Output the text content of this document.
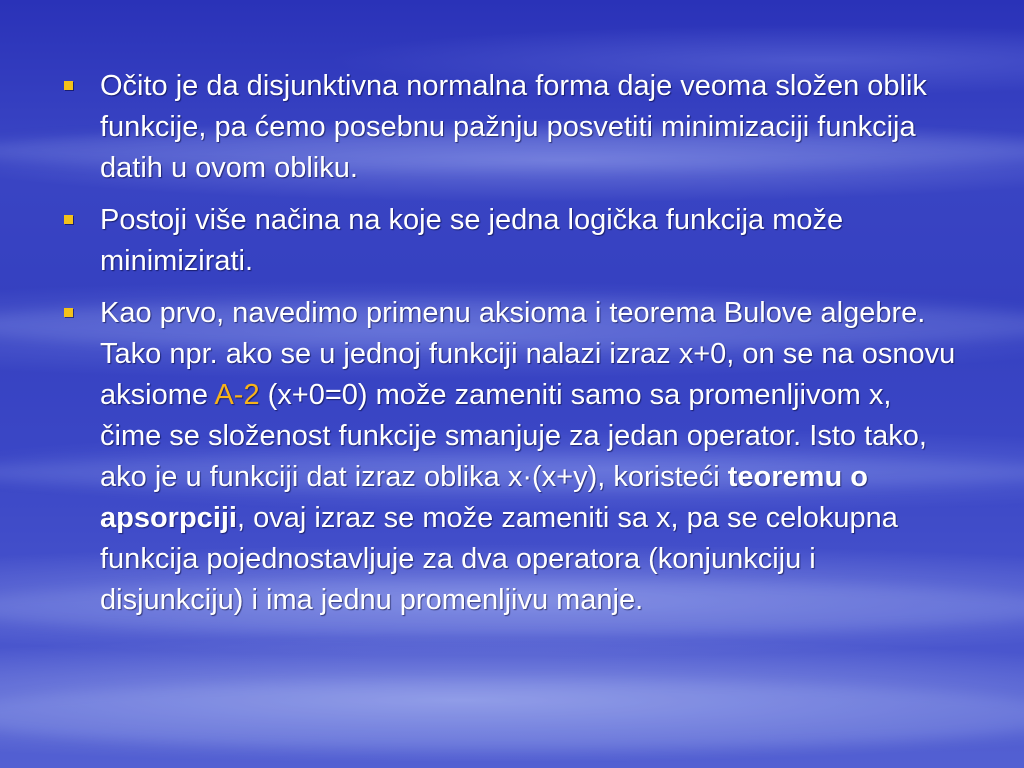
Očito je da disjunktivna normalna forma daje veoma složen oblik funkcije, pa ćemo posebnu pažnju posvetiti minimizaciji funkcija datih u ovom obliku.
Postoji više načina na koje se jedna logička funkcija može minimizirati.
Kao prvo, navedimo primenu aksioma i teorema Bulove algebre. Tako npr. ako se u jednoj funkciji nalazi izraz x+0, on se na osnovu aksiome A-2 (x+0=0) može zameniti samo sa promenljivom x, čime se složenost funkcije smanjuje za jedan operator. Isto tako, ako je u funkciji dat izraz oblika x·(x+y), koristeći teoremu o apsorpciji, ovaj izraz se može zameniti sa x, pa se celokupna funkcija pojednostavljuje za dva operatora (konjunkciju i disjunkciju) i ima jednu promenljivu manje.
